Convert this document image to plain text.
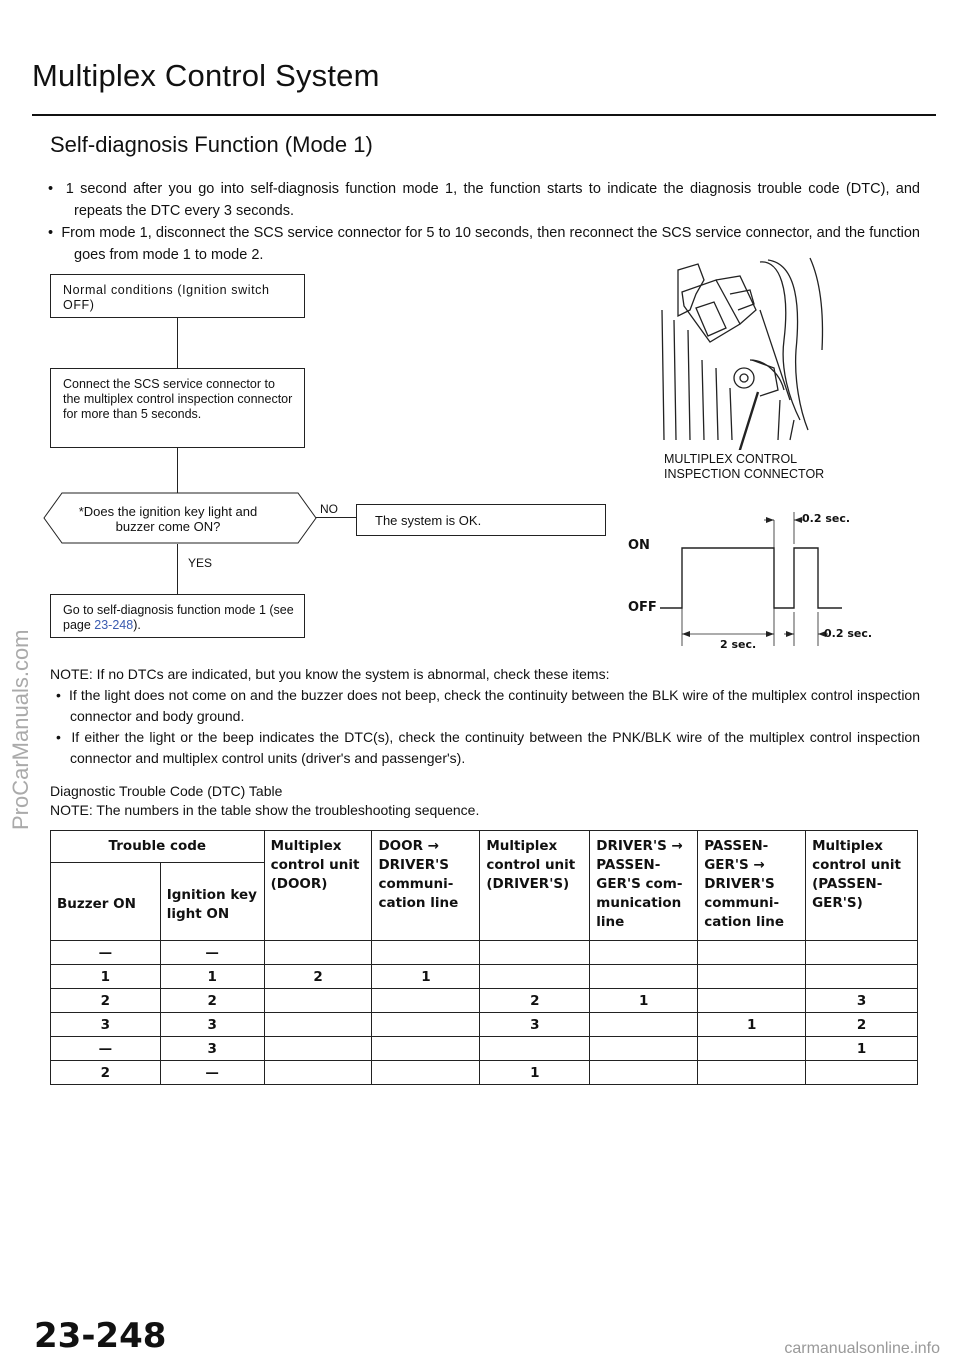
Multiplex Control System
Self-diagnosis Function (Mode 1)
•  1 second after you go into self-diagnosis function mode 1, the function starts to indicate the diagnosis trouble code (DTC), and repeats the DTC every 3 seconds.
•  From mode 1, disconnect the SCS service connector for 5 to 10 seconds, then reconnect the SCS service connector, and the function goes from mode 1 to mode 2.
Normal conditions (Ignition switch OFF)
Connect the SCS service connector to the multiplex control inspection connector for more than 5 seconds.
*Does the ignition key light and buzzer come ON?
NO
The system is OK.
YES
Go to self-diagnosis function mode 1 (see page 23-248).
MULTIPLEX CONTROL
INSPECTION CONNECTOR
ON
OFF
2 sec.
0.2 sec.
0.2 sec.
NOTE: If no DTCs are indicated, but you know the system is abnormal, check these items:
•  If the light does not come on and the buzzer does not beep, check the continuity between the BLK wire of the multiplex control inspection connector and body ground.
•  If either the light or the beep indicates the DTC(s), check the continuity between the PNK/BLK wire of the multiplex control inspection connector and multiplex control units (driver's and passenger's).
Diagnostic Trouble Code (DTC) Table
NOTE: The numbers in the table show the troubleshooting sequence.
Trouble code		Multiplex control unit (DOOR)	DOOR → DRIVER'S communi-cation line	Multiplex control unit (DRIVER'S)	DRIVER'S → PASSEN-GER'S com-munication line	PASSEN-GER'S → DRIVER'S communi-cation line	Multiplex control unit (PASSEN-GER'S)
Buzzer ON	Ignition key light ON						
—	—						
1	1	2	1				
2	2			2	1		3
3	3			3		1	2
—	3						1
2	—			1			
ProCarManuals.com
23-248	carmanualsonline.info
